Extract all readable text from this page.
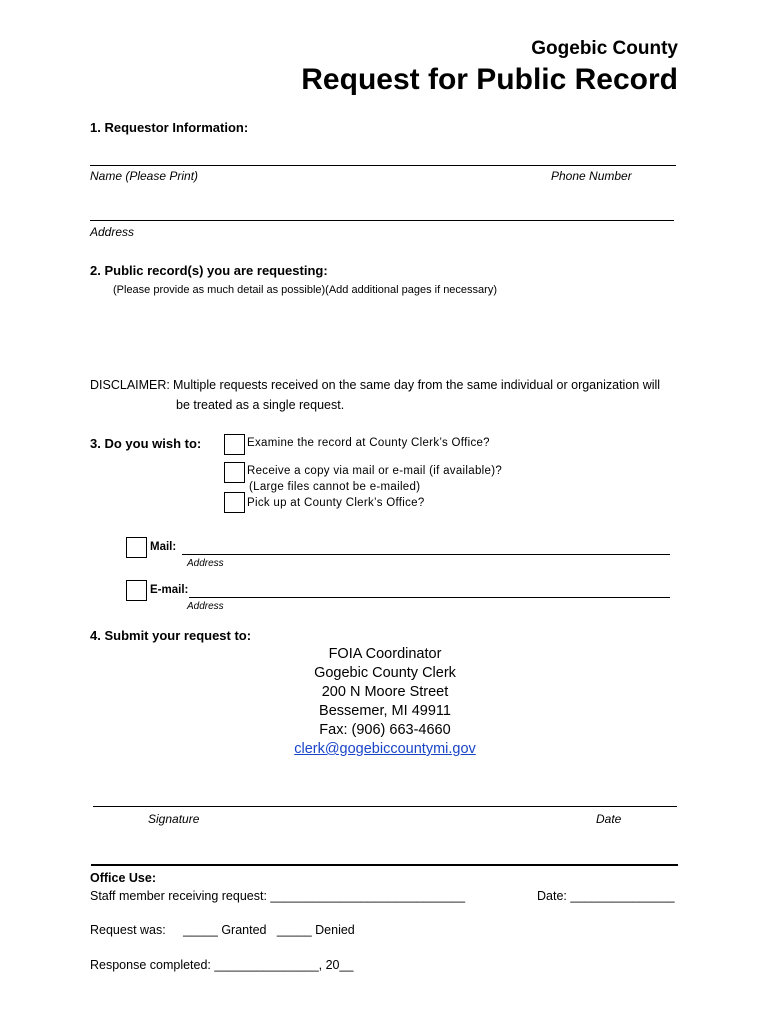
Gogebic County
Request for Public Record
1. Requestor Information:
Name (Please Print)	Phone Number
Address
2. Public record(s) you are requesting:
(Please provide as much detail as possible)(Add additional pages if necessary)
DISCLAIMER: Multiple requests received on the same day from the same individual or organization will
be treated as a single request.
3. Do you wish to:	Examine the record at County Clerk’s Office?
Receive a copy via mail or e-mail (if available)?
(Large files cannot be e-mailed)
Pick up at County Clerk’s Office?
Mail:
Address
E-mail:
Address
4. Submit your request to:
FOIA Coordinator
Gogebic County Clerk
200 N Moore Street
Bessemer, MI 49911
Fax: (906) 663-4660
clerk@gogebiccountymi.gov
Signature	Date
Office Use:
Staff member receiving request: ____________________________	Date: _______________
Request was:     _____ Granted   _____ Denied
Response completed: _______________, 20__
